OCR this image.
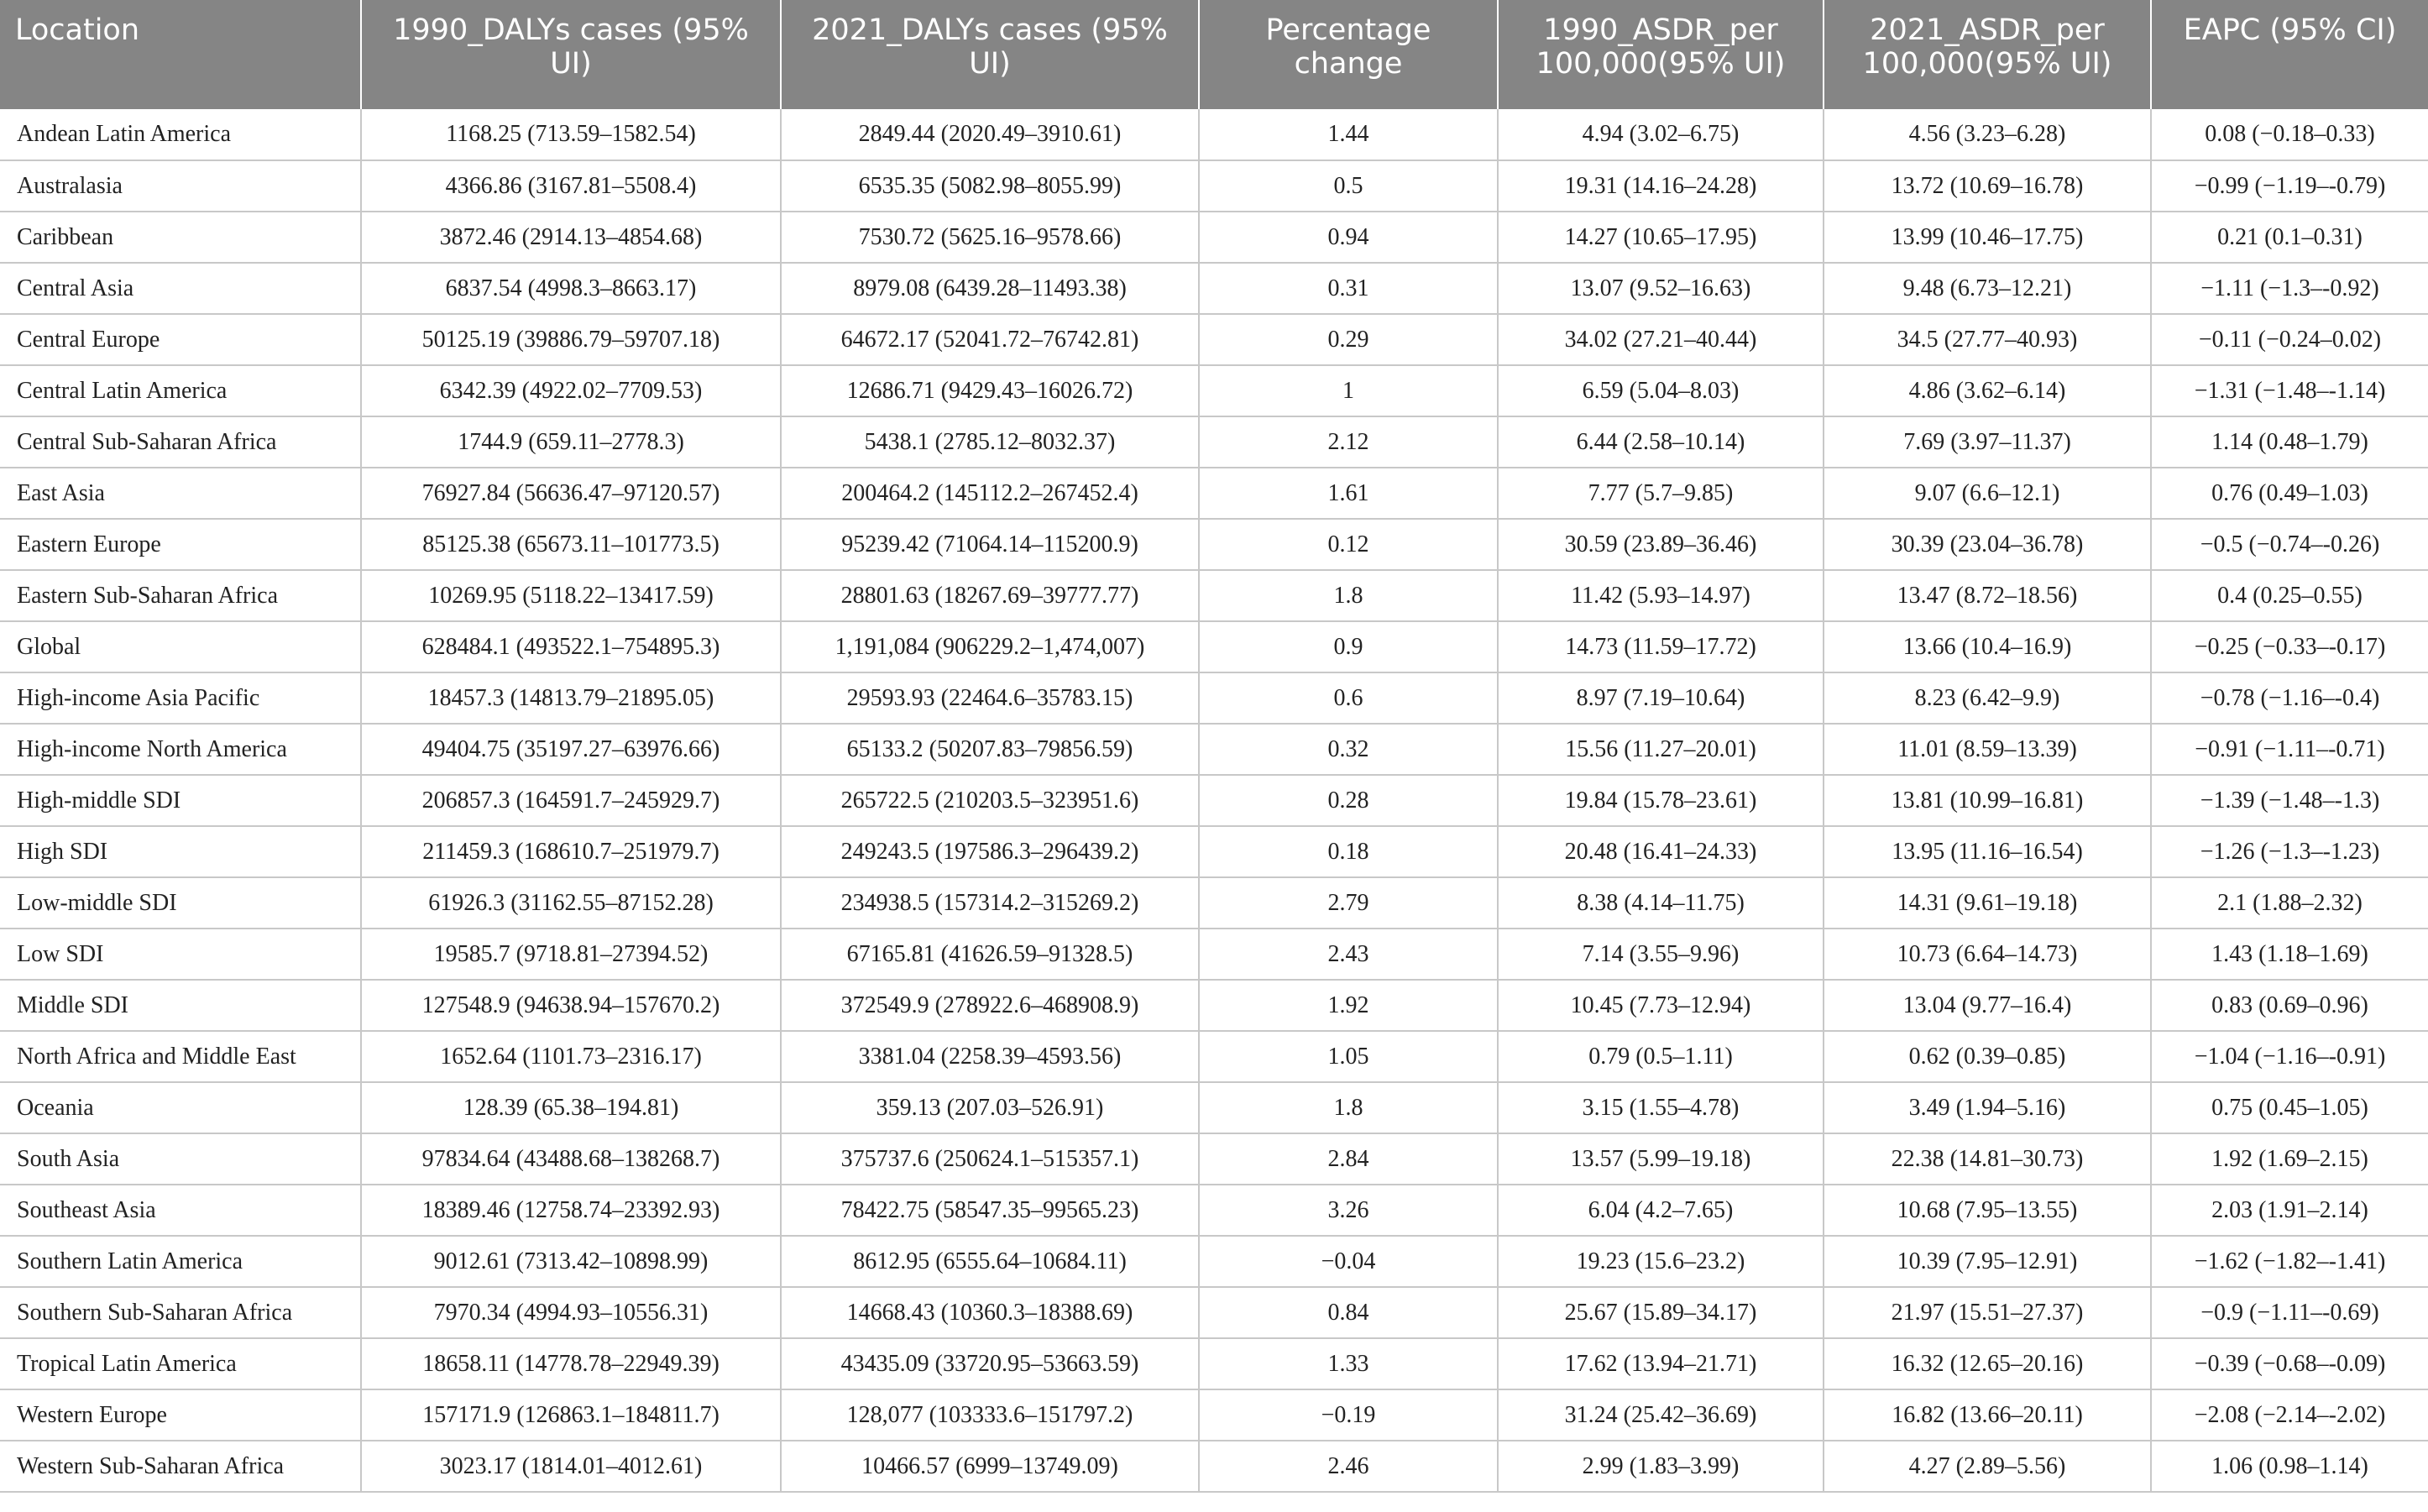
Location	1990_DALYs cases (95% UI)	2021_DALYs cases (95% UI)	Percentage change	1990_ASDR_per 100,000(95% UI)	2021_ASDR_per 100,000(95% UI)	EAPC (95% CI)
Andean Latin America	1168.25 (713.59–1582.54)	2849.44 (2020.49–3910.61)	1.44	4.94 (3.02–6.75)	4.56 (3.23–6.28)	0.08 (−0.18–0.33)
Australasia	4366.86 (3167.81–5508.4)	6535.35 (5082.98–8055.99)	0.5	19.31 (14.16–24.28)	13.72 (10.69–16.78)	−0.99 (−1.19–-0.79)
Caribbean	3872.46 (2914.13–4854.68)	7530.72 (5625.16–9578.66)	0.94	14.27 (10.65–17.95)	13.99 (10.46–17.75)	0.21 (0.1–0.31)
Central Asia	6837.54 (4998.3–8663.17)	8979.08 (6439.28–11493.38)	0.31	13.07 (9.52–16.63)	9.48 (6.73–12.21)	−1.11 (−1.3–-0.92)
Central Europe	50125.19 (39886.79–59707.18)	64672.17 (52041.72–76742.81)	0.29	34.02 (27.21–40.44)	34.5 (27.77–40.93)	−0.11 (−0.24–0.02)
Central Latin America	6342.39 (4922.02–7709.53)	12686.71 (9429.43–16026.72)	1	6.59 (5.04–8.03)	4.86 (3.62–6.14)	−1.31 (−1.48–-1.14)
Central Sub-Saharan Africa	1744.9 (659.11–2778.3)	5438.1 (2785.12–8032.37)	2.12	6.44 (2.58–10.14)	7.69 (3.97–11.37)	1.14 (0.48–1.79)
East Asia	76927.84 (56636.47–97120.57)	200464.2 (145112.2–267452.4)	1.61	7.77 (5.7–9.85)	9.07 (6.6–12.1)	0.76 (0.49–1.03)
Eastern Europe	85125.38 (65673.11–101773.5)	95239.42 (71064.14–115200.9)	0.12	30.59 (23.89–36.46)	30.39 (23.04–36.78)	−0.5 (−0.74–-0.26)
Eastern Sub-Saharan Africa	10269.95 (5118.22–13417.59)	28801.63 (18267.69–39777.77)	1.8	11.42 (5.93–14.97)	13.47 (8.72–18.56)	0.4 (0.25–0.55)
Global	628484.1 (493522.1–754895.3)	1,191,084 (906229.2–1,474,007)	0.9	14.73 (11.59–17.72)	13.66 (10.4–16.9)	−0.25 (−0.33–-0.17)
High-income Asia Pacific	18457.3 (14813.79–21895.05)	29593.93 (22464.6–35783.15)	0.6	8.97 (7.19–10.64)	8.23 (6.42–9.9)	−0.78 (−1.16–-0.4)
High-income North America	49404.75 (35197.27–63976.66)	65133.2 (50207.83–79856.59)	0.32	15.56 (11.27–20.01)	11.01 (8.59–13.39)	−0.91 (−1.11–-0.71)
High-middle SDI	206857.3 (164591.7–245929.7)	265722.5 (210203.5–323951.6)	0.28	19.84 (15.78–23.61)	13.81 (10.99–16.81)	−1.39 (−1.48–-1.3)
High SDI	211459.3 (168610.7–251979.7)	249243.5 (197586.3–296439.2)	0.18	20.48 (16.41–24.33)	13.95 (11.16–16.54)	−1.26 (−1.3–-1.23)
Low-middle SDI	61926.3 (31162.55–87152.28)	234938.5 (157314.2–315269.2)	2.79	8.38 (4.14–11.75)	14.31 (9.61–19.18)	2.1 (1.88–2.32)
Low SDI	19585.7 (9718.81–27394.52)	67165.81 (41626.59–91328.5)	2.43	7.14 (3.55–9.96)	10.73 (6.64–14.73)	1.43 (1.18–1.69)
Middle SDI	127548.9 (94638.94–157670.2)	372549.9 (278922.6–468908.9)	1.92	10.45 (7.73–12.94)	13.04 (9.77–16.4)	0.83 (0.69–0.96)
North Africa and Middle East	1652.64 (1101.73–2316.17)	3381.04 (2258.39–4593.56)	1.05	0.79 (0.5–1.11)	0.62 (0.39–0.85)	−1.04 (−1.16–-0.91)
Oceania	128.39 (65.38–194.81)	359.13 (207.03–526.91)	1.8	3.15 (1.55–4.78)	3.49 (1.94–5.16)	0.75 (0.45–1.05)
South Asia	97834.64 (43488.68–138268.7)	375737.6 (250624.1–515357.1)	2.84	13.57 (5.99–19.18)	22.38 (14.81–30.73)	1.92 (1.69–2.15)
Southeast Asia	18389.46 (12758.74–23392.93)	78422.75 (58547.35–99565.23)	3.26	6.04 (4.2–7.65)	10.68 (7.95–13.55)	2.03 (1.91–2.14)
Southern Latin America	9012.61 (7313.42–10898.99)	8612.95 (6555.64–10684.11)	−0.04	19.23 (15.6–23.2)	10.39 (7.95–12.91)	−1.62 (−1.82–-1.41)
Southern Sub-Saharan Africa	7970.34 (4994.93–10556.31)	14668.43 (10360.3–18388.69)	0.84	25.67 (15.89–34.17)	21.97 (15.51–27.37)	−0.9 (−1.11–-0.69)
Tropical Latin America	18658.11 (14778.78–22949.39)	43435.09 (33720.95–53663.59)	1.33	17.62 (13.94–21.71)	16.32 (12.65–20.16)	−0.39 (−0.68–-0.09)
Western Europe	157171.9 (126863.1–184811.7)	128,077 (103333.6–151797.2)	−0.19	31.24 (25.42–36.69)	16.82 (13.66–20.11)	−2.08 (−2.14–-2.02)
Western Sub-Saharan Africa	3023.17 (1814.01–4012.61)	10466.57 (6999–13749.09)	2.46	2.99 (1.83–3.99)	4.27 (2.89–5.56)	1.06 (0.98–1.14)
